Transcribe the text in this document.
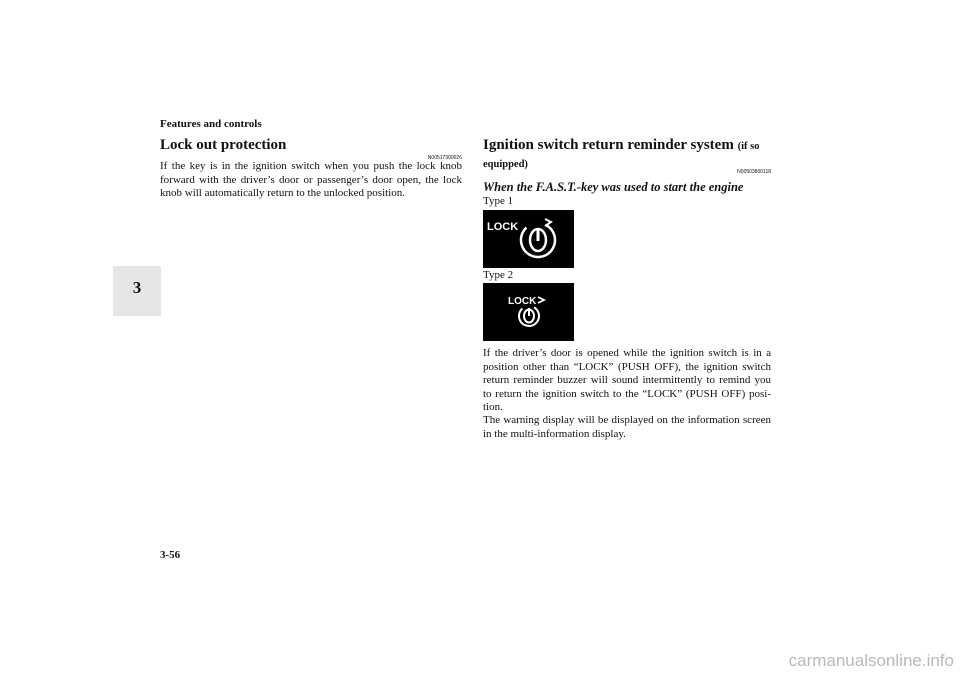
Features and controls
3
Lock out protection
N00517300026
If the key is in the ignition switch when you push the lock knob forward with the driver’s door or passenger’s door open, the lock knob will automatically return to the unlocked position.
Ignition switch return reminder system (if so equipped)
N00503800118
When the F.A.S.T.-key was used to start the engine
Type 1
LOCK
Type 2
LOCK
If the driver’s door is opened while the ignition switch is in a position other than “LOCK” (PUSH OFF), the ignition switch return reminder buzzer will sound intermittently to remind you to return the ignition switch to the “LOCK” (PUSH OFF) posi-tion.
The warning display will be displayed on the information screen in the multi-information display.
3-56
carmanualsonline.info
